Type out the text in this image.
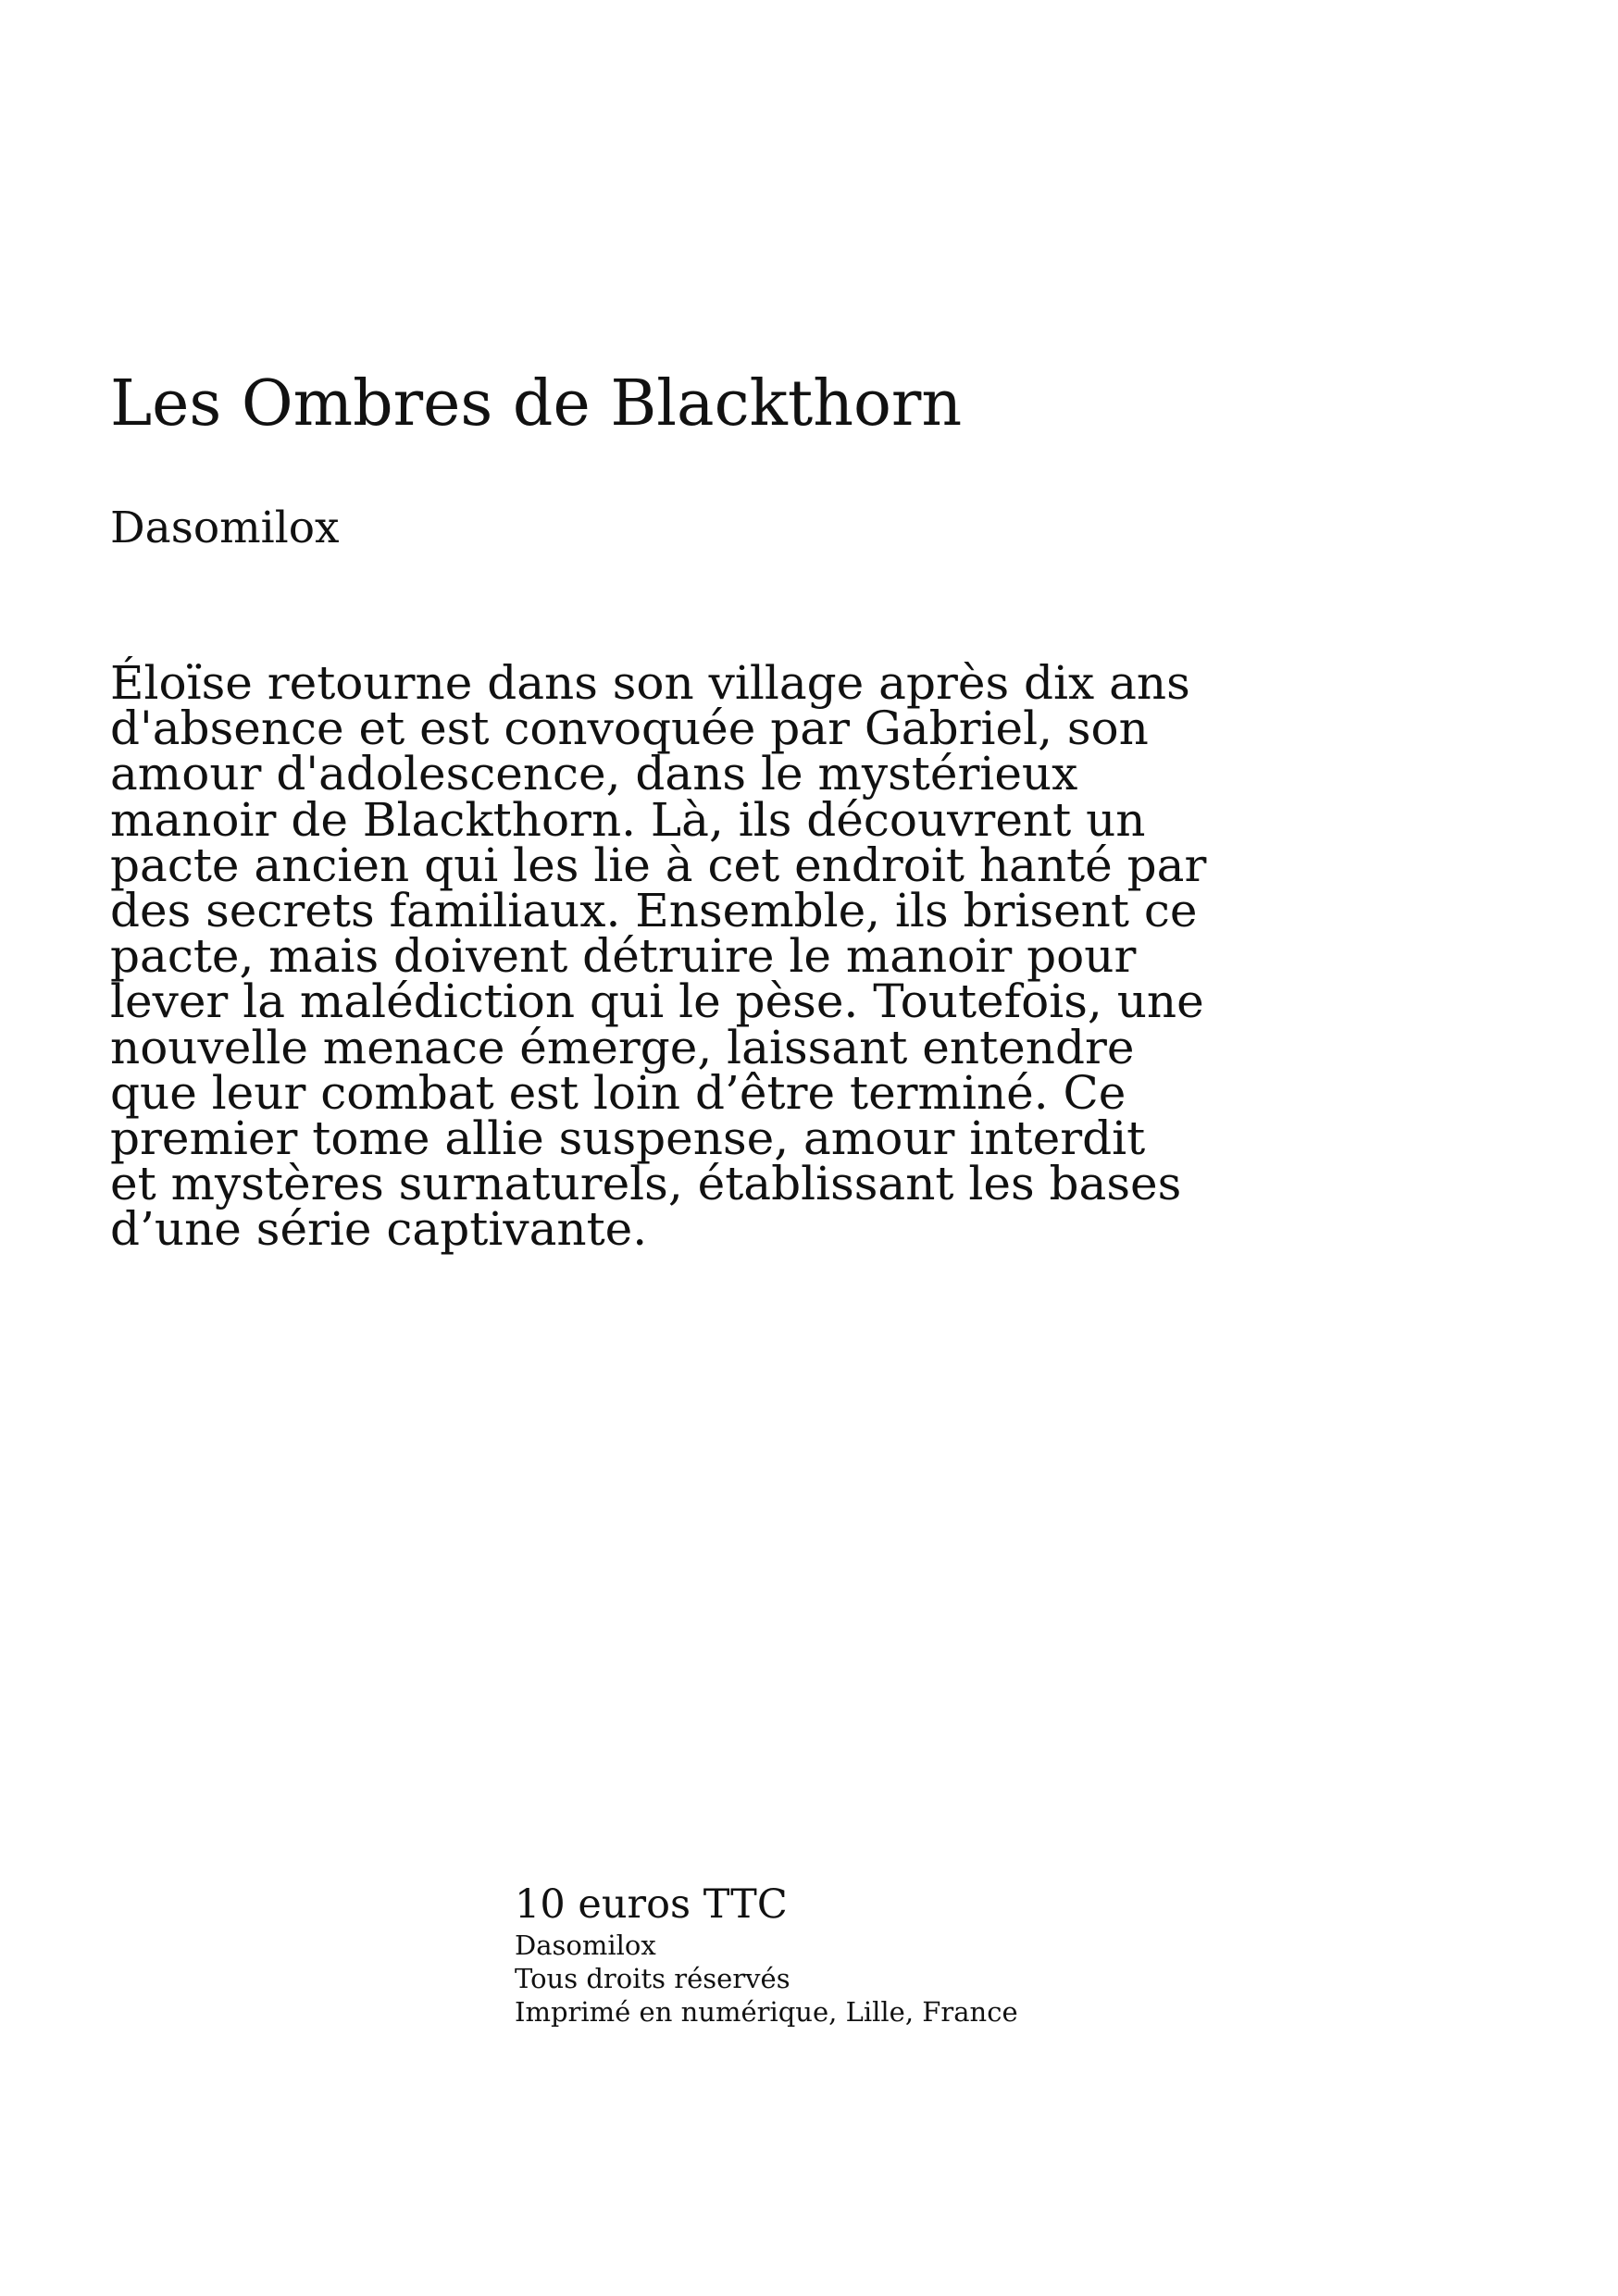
Les Ombres de Blackthorn

Dasomilox

Éloïse retourne dans son village après dix ans
d'absence et est convoquée par Gabriel, son
amour d'adolescence, dans le mystérieux
manoir de Blackthorn. Là, ils découvrent un
pacte ancien qui les lie à cet endroit hanté par
des secrets familiaux. Ensemble, ils brisent ce
pacte, mais doivent détruire le manoir pour
lever la malédiction qui le pèse. Toutefois, une
nouvelle menace émerge, laissant entendre
que leur combat est loin d’être terminé. Ce
premier tome allie suspense, amour interdit
et mystères surnaturels, établissant les bases
d’une série captivante.

10 euros TTC
Dasomilox
Tous droits réservés
Imprimé en numérique, Lille, France
